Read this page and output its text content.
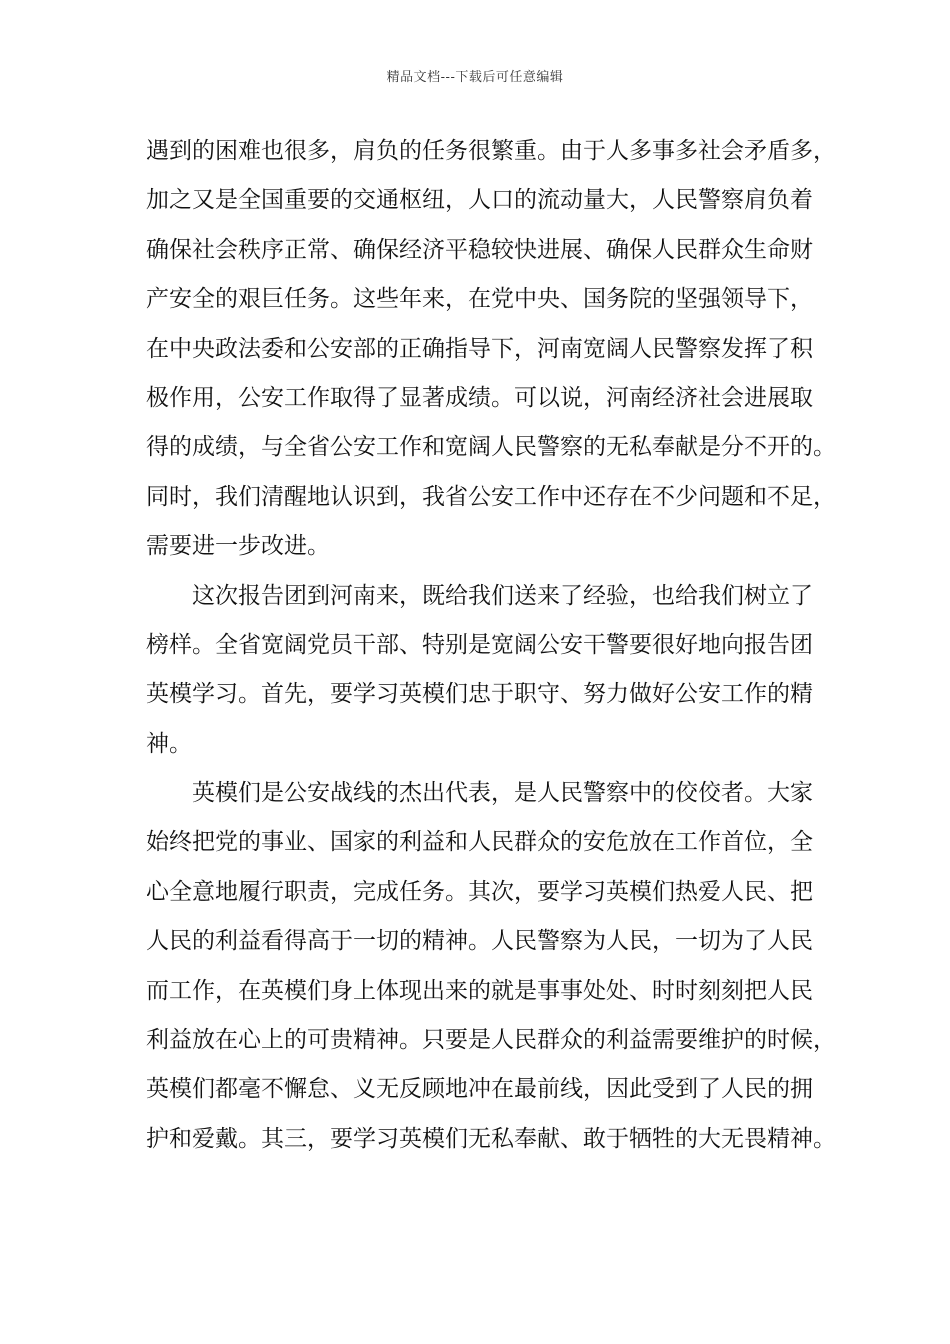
精品文档---下载后可任意编辑
遇到的困难也很多，肩负的任务很繁重。由于人多事多社会矛盾多，
加之又是全国重要的交通枢纽，人口的流动量大，人民警察肩负着
确保社会秩序正常、确保经济平稳较快进展、确保人民群众生命财
产安全的艰巨任务。这些年来，在党中央、国务院的坚强领导下，
在中央政法委和公安部的正确指导下，河南宽阔人民警察发挥了积
极作用，公安工作取得了显著成绩。可以说，河南经济社会进展取
得的成绩，与全省公安工作和宽阔人民警察的无私奉献是分不开的。
同时，我们清醒地认识到，我省公安工作中还存在不少问题和不足，
需要进一步改进。
这次报告团到河南来，既给我们送来了经验，也给我们树立了
榜样。全省宽阔党员干部、特别是宽阔公安干警要很好地向报告团
英模学习。首先，要学习英模们忠于职守、努力做好公安工作的精
神。
英模们是公安战线的杰出代表，是人民警察中的佼佼者。大家
始终把党的事业、国家的利益和人民群众的安危放在工作首位，全
心全意地履行职责，完成任务。其次，要学习英模们热爱人民、把
人民的利益看得高于一切的精神。人民警察为人民，一切为了人民
而工作，在英模们身上体现出来的就是事事处处、时时刻刻把人民
利益放在心上的可贵精神。只要是人民群众的利益需要维护的时候，
英模们都毫不懈怠、义无反顾地冲在最前线，因此受到了人民的拥
护和爱戴。其三，要学习英模们无私奉献、敢于牺牲的大无畏精神。
